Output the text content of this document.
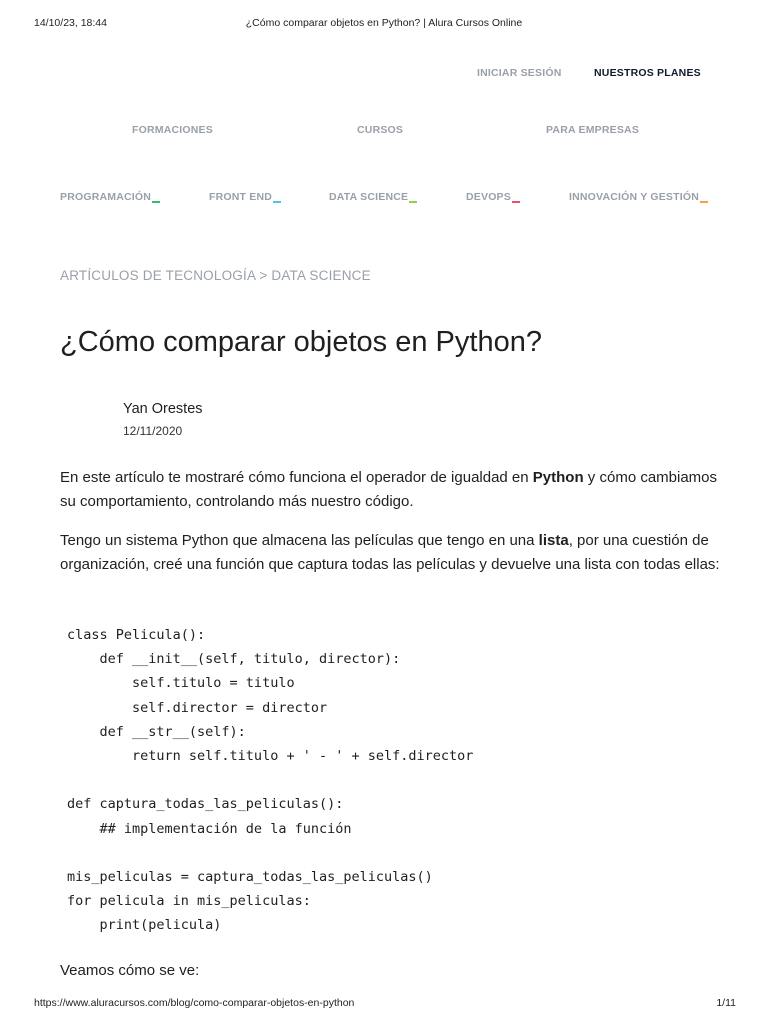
14/10/23, 18:44	¿Cómo comparar objetos en Python? | Alura Cursos Online
INICIAR SESIÓN	NUESTROS PLANES
FORMACIONES	CURSOS	PARA EMPRESAS
PROGRAMACIÓN	FRONT END	DATA SCIENCE	DEVOPS	INNOVACIÓN Y GESTIÓN
ARTÍCULOS DE TECNOLOGÍA > DATA SCIENCE
¿Cómo comparar objetos en Python?
Yan Orestes
12/11/2020

En este artículo te mostraré cómo funciona el operador de igualdad en Python y cómo cambiamos su comportamiento, controlando más nuestro código.

Tengo un sistema Python que almacena las películas que tengo en una lista, por una cuestión de organización, creé una función que captura todas las películas y devuelve una lista con todas ellas:

class Pelicula():
def __init__(self, titulo, director):
self.titulo = titulo
self.director = director
def __str__(self):
return self.titulo + ' - ' + self.director

def captura_todas_las_peliculas():
## implementación de la función

mis_peliculas = captura_todas_las_peliculas()
for pelicula in mis_peliculas:
print(pelicula)

Veamos cómo se ve:

https://www.aluracursos.com/blog/como-comparar-objetos-en-python	1/11
